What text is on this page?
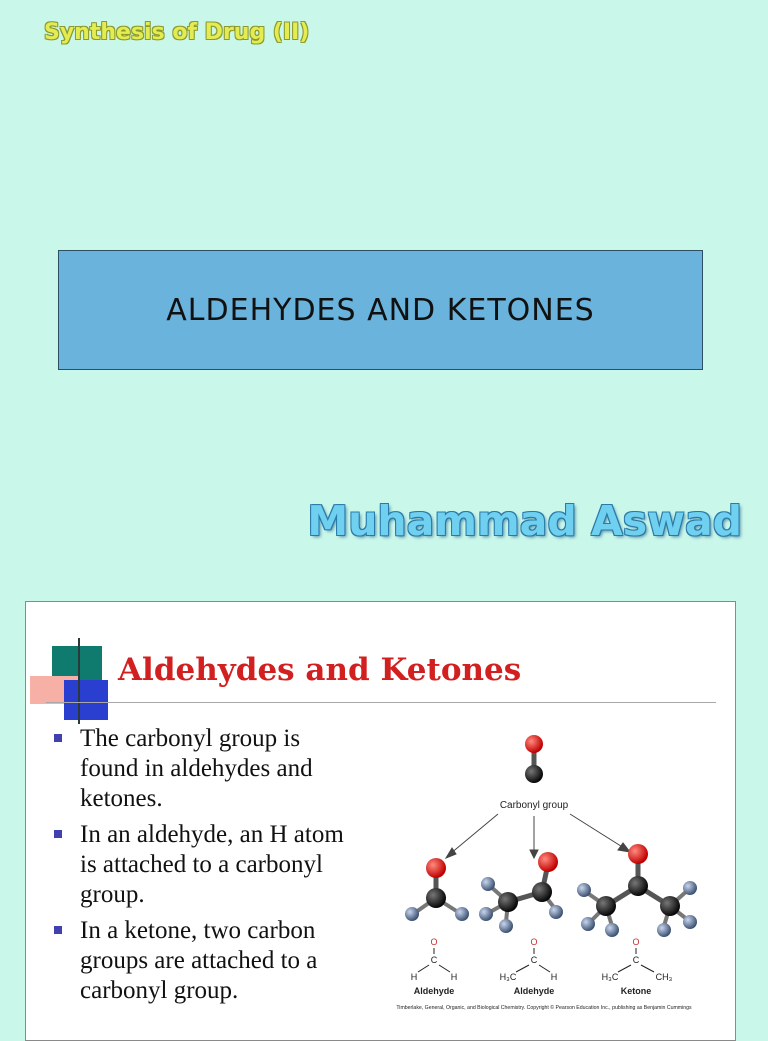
Synthesis of Drug (II)
ALDEHYDES AND KETONES
Muhammad Aswad
Aldehydes and Ketones
The carbonyl group is found in aldehydes and ketones.
In an aldehyde, an H atom is attached to a carbonyl group.
In a ketone, two carbon groups are attached to a carbonyl group.
Carbonyl group
O
C
H	H
O
C
H₃C	H
O
C
H₃C	CH₃
Aldehyde	Aldehyde	Ketone
Timberlake, General, Organic, and Biological Chemistry. Copyright © Pearson Education Inc., publishing as Benjamin Cummings
